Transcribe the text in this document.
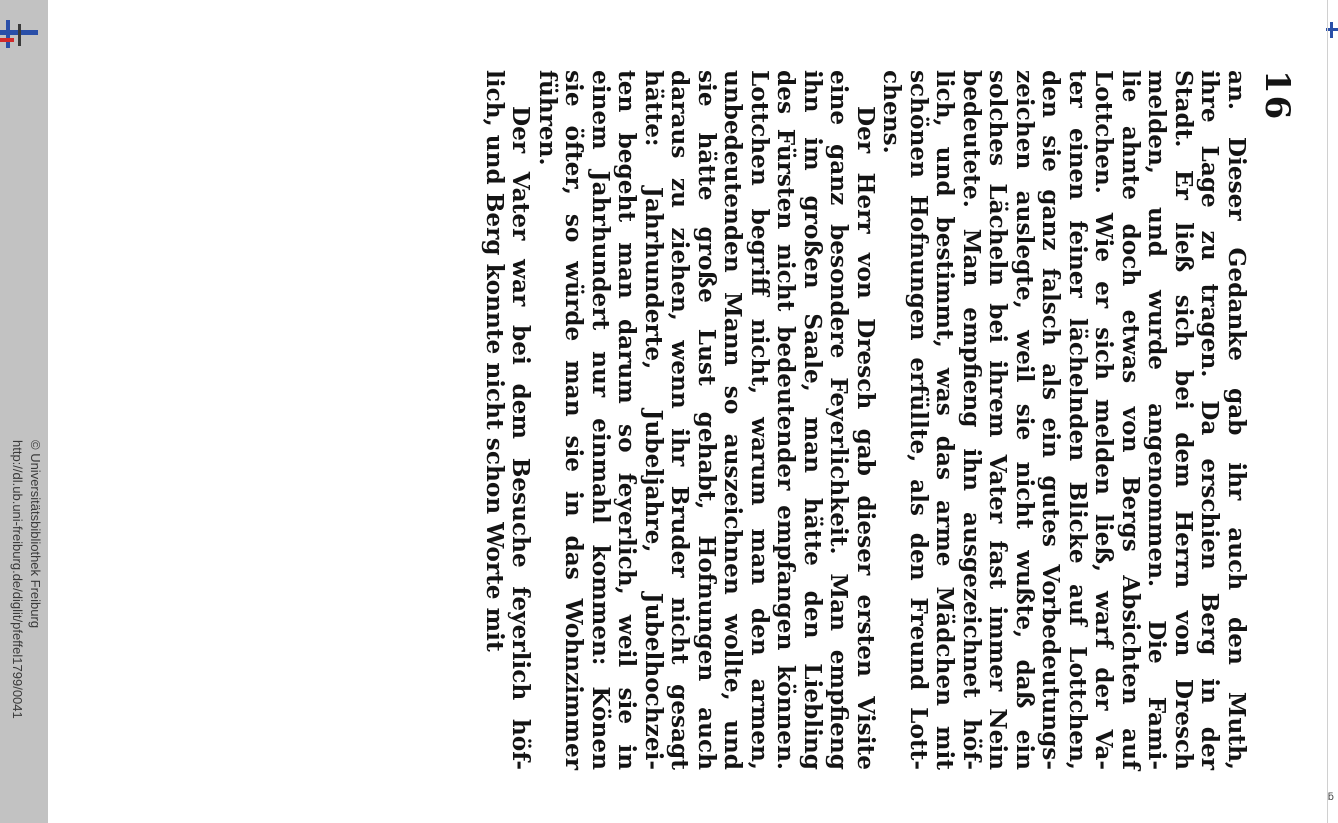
http://dl.ub.uni-freiburg.de/diglit/pfeffel1799/0041 © Universitätsbibliothek Freiburg
ƃ
16
an. Dieser Gedanke gab ihr auch den Muth,
ihre Lage zu tragen. Da erschien Berg in der
Stadt. Er ließ sich bei dem Herrn von Dresch
melden, und wurde angenommen. Die Fami-
lie ahnte doch etwas von Bergs Absichten auf
Lottchen. Wie er sich melden ließ, warf der Va-
ter einen feiner lächelnden Blicke auf Lottchen,
den sie ganz falsch als ein gutes Vorbedeutungs-
zeichen auslegte, weil sie nicht wußte, daß ein
solches Lächeln bei ihrem Vater fast immer Nein
bedeutete. Man empfieng ihn ausgezeichnet höf-
lich, und bestimmt, was das arme Mädchen mit
schönen Hofnungen erfüllte, als den Freund Lott-
chens.
Der Herr von Dresch gab dieser ersten Visite
eine ganz besondere Feyerlichkeit. Man empfieng
ihn im großen Saale, man hätte den Liebling
des Fürsten nicht bedeutender empfangen können.
Lottchen begriff nicht, warum man den armen,
unbedeutenden Mann so auszeichnen wollte, und
sie hätte große Lust gehabt, Hofnungen auch
daraus zu ziehen, wenn ihr Bruder nicht gesagt
hätte: Jahrhunderte, Jubeljahre, Jubelhochzei-
ten begeht man darum so feyerlich, weil sie in
einem Jahrhundert nur einmahl kommen: Könen
sie öfter, so würde man sie in das Wohnzimmer
führen.
Der Vater war bei dem Besuche feyerlich höf-
lich, und Berg konnte nicht schon Worte mit
